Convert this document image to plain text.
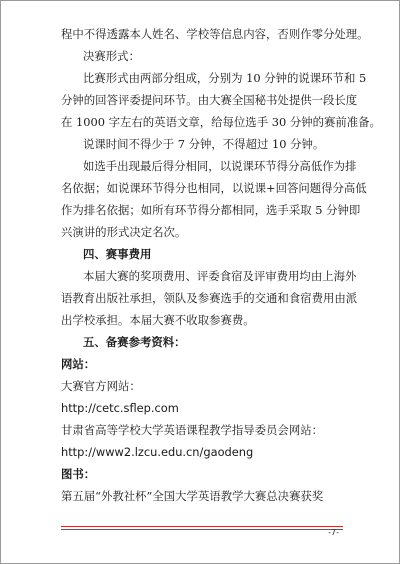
程中不得透露本人姓名、学校等信息内容，否则作零分处理。
决赛形式：
比赛形式由两部分组成，分别为 10 分钟的说课环节和 5
分钟的回答评委提问环节。由大赛全国秘书处提供一段长度
在 1000 字左右的英语文章，给每位选手 30 分钟的赛前准备。
说课时间不得少于 7 分钟，不得超过 10 分钟。
如选手出现最后得分相同，以说课环节得分高低作为排
名依据；如说课环节得分也相同，以说课+回答问题得分高低
作为排名依据；如所有环节得分都相同，选手采取 5 分钟即
兴演讲的形式决定名次。
四、赛事费用
本届大赛的奖项费用、评委食宿及评审费用均由上海外
语教育出版社承担，领队及参赛选手的交通和食宿费用由派
出学校承担。本届大赛不收取参赛费。
五、备赛参考资料：
网站：
大赛官方网站：
http://cetc.sflep.com
甘肃省高等学校大学英语课程教学指导委员会网站：
http://www2.lzcu.edu.cn/gaodeng
图书：
第五届“外教社杯”全国大学英语教学大赛总决赛获奖
-7-
